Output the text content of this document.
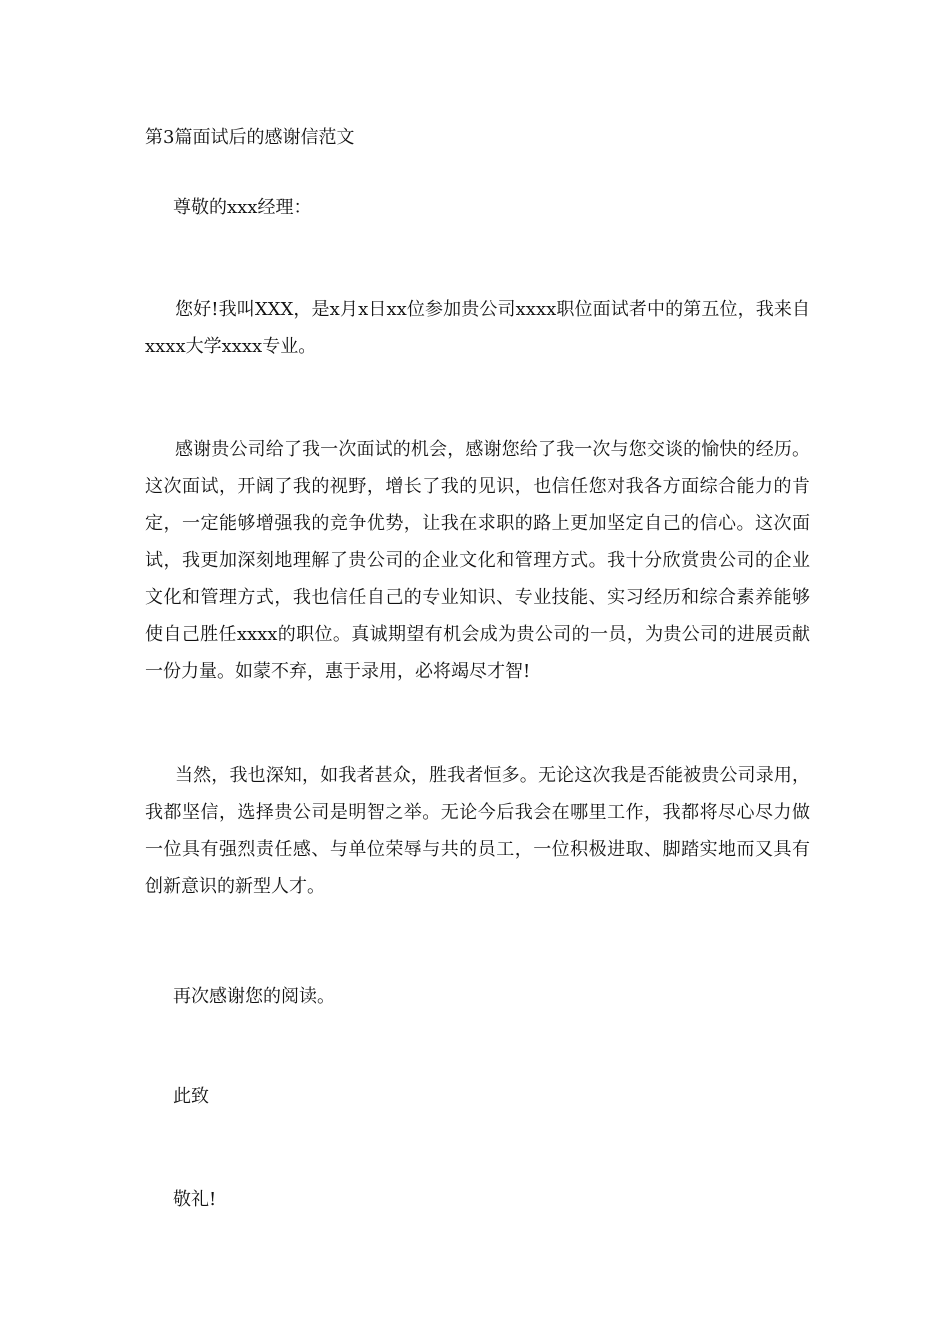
第3篇面试后的感谢信范文
尊敬的xxx经理：

您好!我叫XXX，是x月x日xx位参加贵公司xxxx职位面试者中的第五位，我来自xxxx大学xxxx专业。

感谢贵公司给了我一次面试的机会，感谢您给了我一次与您交谈的愉快的经历。这次面试，开阔了我的视野，增长了我的见识，也信任您对我各方面综合能力的肯定，一定能够增强我的竞争优势，让我在求职的路上更加坚定自己的信心。这次面试，我更加深刻地理解了贵公司的企业文化和管理方式。我十分欣赏贵公司的企业文化和管理方式，我也信任自己的专业知识、专业技能、实习经历和综合素养能够使自己胜任xxxx的职位。真诚期望有机会成为贵公司的一员，为贵公司的进展贡献一份力量。如蒙不弃，惠于录用，必将竭尽才智!

当然，我也深知，如我者甚众，胜我者恒多。无论这次我是否能被贵公司录用，我都坚信，选择贵公司是明智之举。无论今后我会在哪里工作，我都将尽心尽力做一位具有强烈责任感、与单位荣辱与共的员工，一位积极进取、脚踏实地而又具有创新意识的新型人才。

再次感谢您的阅读。
此致
敬礼!
